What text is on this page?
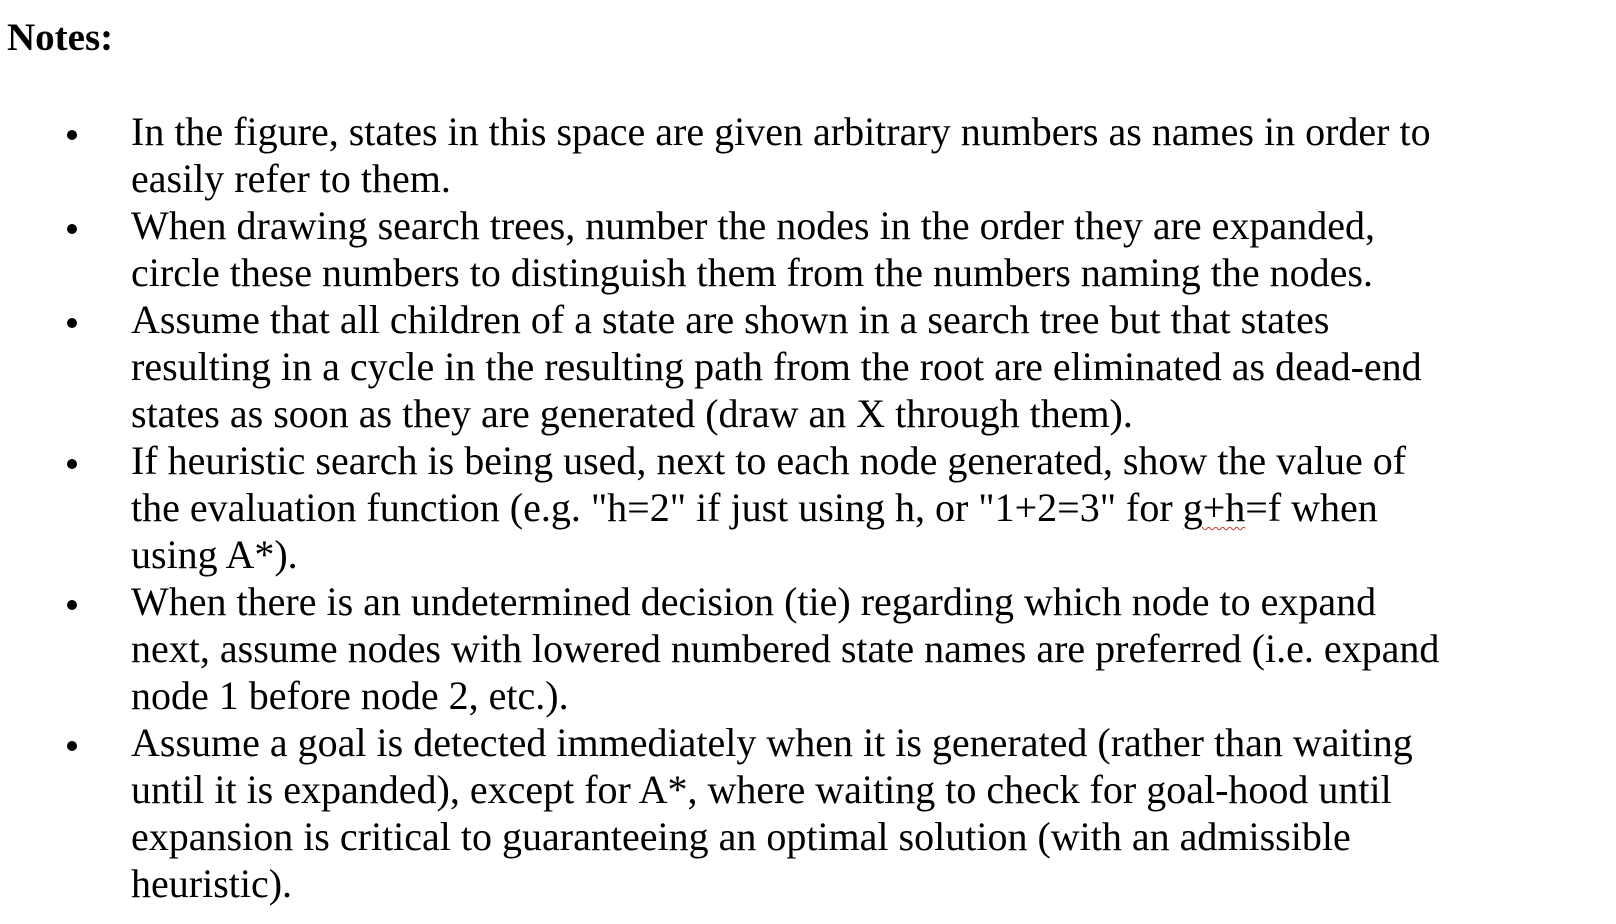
Notes:
In the figure, states in this space are given arbitrary numbers as names in order to
easily refer to them.
When drawing search trees, number the nodes in the order they are expanded,
circle these numbers to distinguish them from the numbers naming the nodes.
Assume that all children of a state are shown in a search tree but that states
resulting in a cycle in the resulting path from the root are eliminated as dead-end
states as soon as they are generated (draw an X through them).
If heuristic search is being used, next to each node generated, show the value of
the evaluation function (e.g. "h=2" if just using h, or "1+2=3" for g+h=f when
using A*).
When there is an undetermined decision (tie) regarding which node to expand
next, assume nodes with lowered numbered state names are preferred (i.e. expand
node 1 before node 2, etc.).
Assume a goal is detected immediately when it is generated (rather than waiting
until it is expanded), except for A*, where waiting to check for goal-hood until
expansion is critical to guaranteeing an optimal solution (with an admissible
heuristic).
